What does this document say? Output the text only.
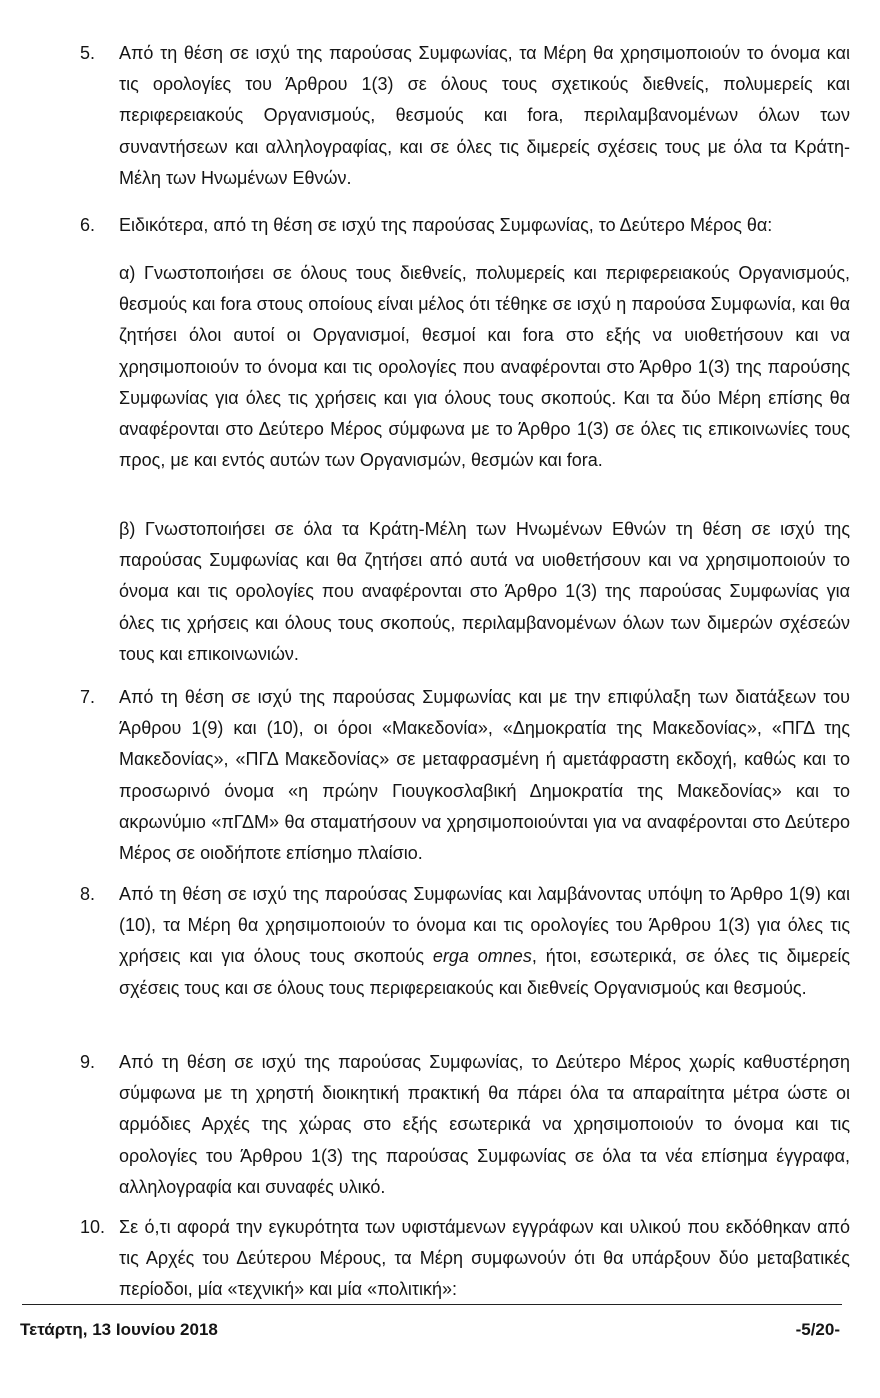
5. Από τη θέση σε ισχύ της παρούσας Συμφωνίας, τα Μέρη θα χρησιμοποιούν το όνομα και τις ορολογίες του Άρθρου 1(3) σε όλους τους σχετικούς διεθνείς, πολυμερείς και περιφερειακούς Οργανισμούς, θεσμούς και fora, περιλαμβανομένων όλων των συναντήσεων και αλληλογραφίας, και σε όλες τις διμερείς σχέσεις τους με όλα τα Κράτη-Μέλη των Ηνωμένων Εθνών.
6. Ειδικότερα, από τη θέση σε ισχύ της παρούσας Συμφωνίας, το Δεύτερο Μέρος θα:
α) Γνωστοποιήσει σε όλους τους διεθνείς, πολυμερείς και περιφερειακούς Οργανισμούς, θεσμούς και fora στους οποίους είναι μέλος ότι τέθηκε σε ισχύ η παρούσα Συμφωνία, και θα ζητήσει όλοι αυτοί οι Οργανισμοί, θεσμοί και fora στο εξής να υιοθετήσουν και να χρησιμοποιούν το όνομα και τις ορολογίες που αναφέρονται στο Άρθρο 1(3) της παρούσης Συμφωνίας για όλες τις χρήσεις και για όλους τους σκοπούς. Και τα δύο Μέρη επίσης θα αναφέρονται στο Δεύτερο Μέρος σύμφωνα με το Άρθρο 1(3) σε όλες τις επικοινωνίες τους προς, με και εντός αυτών των Οργανισμών, θεσμών και fora.
β) Γνωστοποιήσει σε όλα τα Κράτη-Μέλη των Ηνωμένων Εθνών τη θέση σε ισχύ της παρούσας Συμφωνίας και θα ζητήσει από αυτά να υιοθετήσουν και να χρησιμοποιούν το όνομα και τις ορολογίες που αναφέρονται στο Άρθρο 1(3) της παρούσας Συμφωνίας για όλες τις χρήσεις και όλους τους σκοπούς, περιλαμβανομένων όλων των διμερών σχέσεών τους και επικοινωνιών.
7. Από τη θέση σε ισχύ της παρούσας Συμφωνίας και με την επιφύλαξη των διατάξεων του Άρθρου 1(9) και (10), οι όροι «Μακεδονία», «Δημοκρατία της Μακεδονίας», «ΠΓΔ της Μακεδονίας», «ΠΓΔ Μακεδονίας» σε μεταφρασμένη ή αμετάφραστη εκδοχή, καθώς και το προσωρινό όνομα «η πρώην Γιουγκοσλαβική Δημοκρατία της Μακεδονίας» και το ακρωνύμιο «πΓΔΜ» θα σταματήσουν να χρησιμοποιούνται για να αναφέρονται στο Δεύτερο Μέρος σε οιοδήποτε επίσημο πλαίσιο.
8. Από τη θέση σε ισχύ της παρούσας Συμφωνίας και λαμβάνοντας υπόψη το Άρθρο 1(9) και (10), τα Μέρη θα χρησιμοποιούν το όνομα και τις ορολογίες του Άρθρου 1(3) για όλες τις χρήσεις και για όλους τους σκοπούς erga omnes, ήτοι, εσωτερικά, σε όλες τις διμερείς σχέσεις τους και σε όλους τους περιφερειακούς και διεθνείς Οργανισμούς και θεσμούς.
9. Από τη θέση σε ισχύ της παρούσας Συμφωνίας, το Δεύτερο Μέρος χωρίς καθυστέρηση σύμφωνα με τη χρηστή διοικητική πρακτική θα πάρει όλα τα απαραίτητα μέτρα ώστε οι αρμόδιες Αρχές της χώρας στο εξής εσωτερικά να χρησιμοποιούν το όνομα και τις ορολογίες του Άρθρου 1(3) της παρούσας Συμφωνίας σε όλα τα νέα επίσημα έγγραφα, αλληλογραφία και συναφές υλικό.
10. Σε ό,τι αφορά την εγκυρότητα των υφιστάμενων εγγράφων και υλικού που εκδόθηκαν από τις Αρχές του Δεύτερου Μέρους, τα Μέρη συμφωνούν ότι θα υπάρξουν δύο μεταβατικές περίοδοι, μία «τεχνική» και μία «πολιτική»:
Τετάρτη, 13 Ιουνίου 2018	-5/20-
